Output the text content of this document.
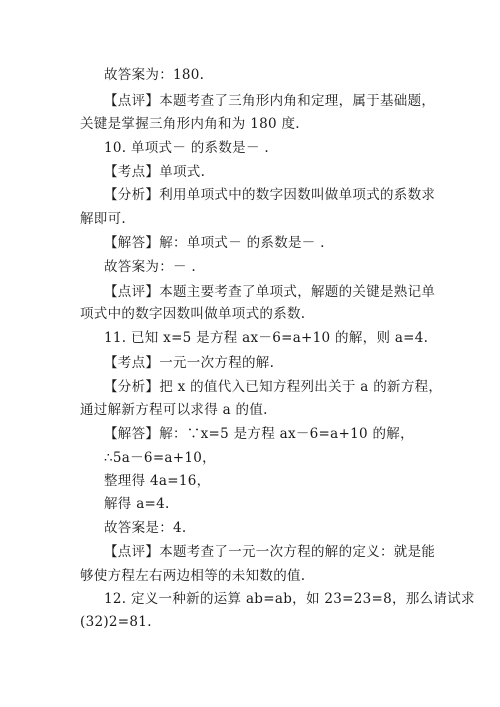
故答案为：180.
【点评】本题考查了三角形内角和定理，属于基础题，
关键是掌握三角形内角和为 180 度.
10. 单项式－ 的系数是－ .
【考点】单项式.
【分析】利用单项式中的数字因数叫做单项式的系数求
解即可.
【解答】解：单项式－ 的系数是－ .
故答案为：－ .
【点评】本题主要考查了单项式，解题的关键是熟记单
项式中的数字因数叫做单项式的系数.
11. 已知 x=5 是方程 ax－6=a+10 的解，则 a=4.
【考点】一元一次方程的解.
【分析】把 x 的值代入已知方程列出关于 a 的新方程，
通过解新方程可以求得 a 的值.
【解答】解：∵x=5 是方程 ax－6=a+10 的解，
∴5a－6=a+10，
整理得 4a=16，
解得 a=4.
故答案是：4.
【点评】本题考查了一元一次方程的解的定义：就是能
够使方程左右两边相等的未知数的值.
12. 定义一种新的运算 ab=ab，如 23=23=8，那么请试求
(32)2=81.
